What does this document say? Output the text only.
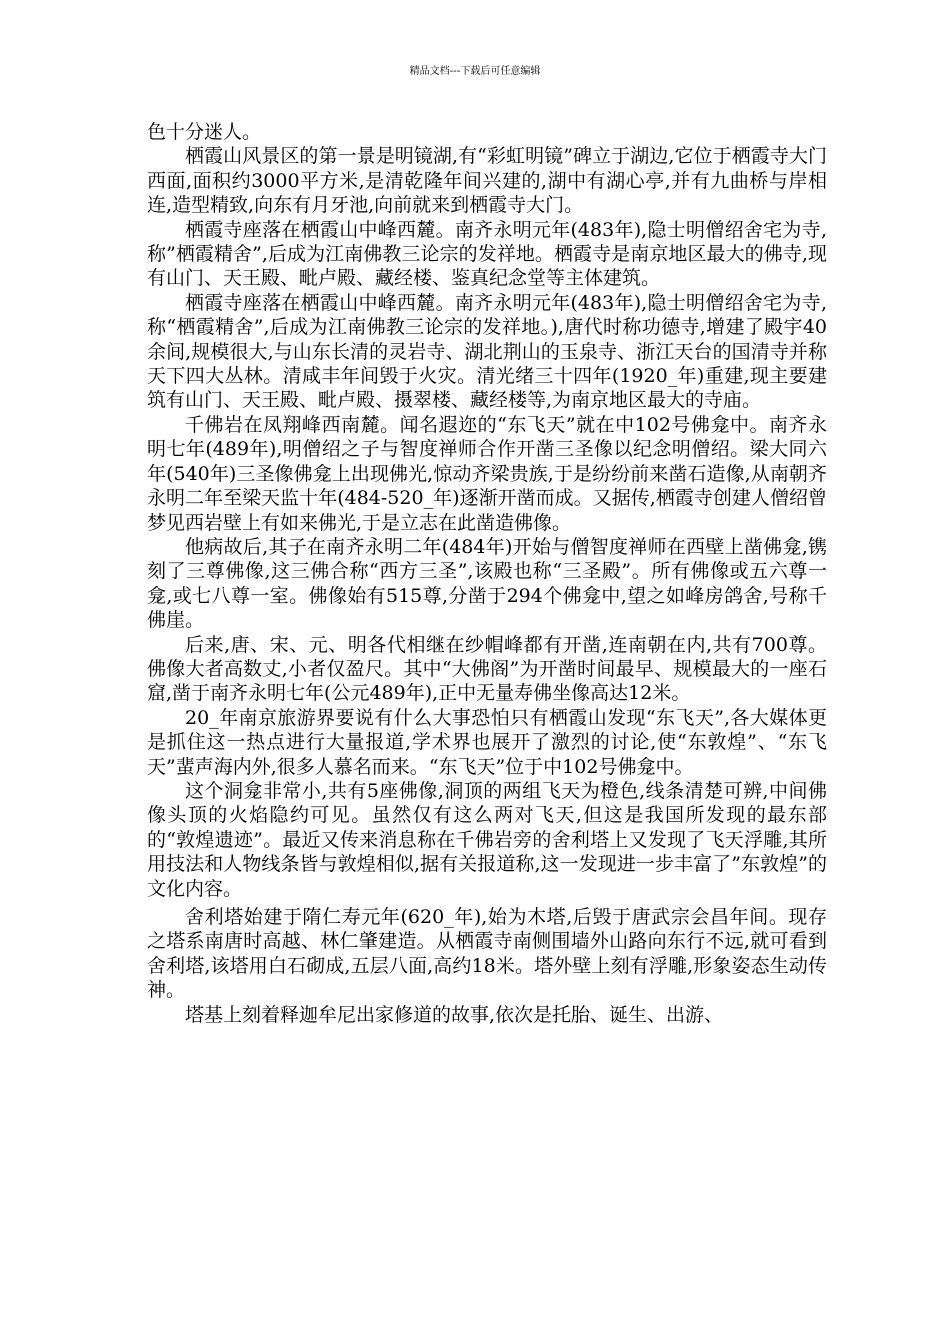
精品文档---下载后可任意编辑

色十分迷人。

栖霞山风景区的第一景是明镜湖,有“彩虹明镜”碑立于湖边,它位于栖霞寺大门西面,面积约3000平方米,是清乾隆年间兴建的,湖中有湖心亭,并有九曲桥与岸相连,造型精致,向东有月牙池,向前就来到栖霞寺大门。

栖霞寺座落在栖霞山中峰西麓。南齐永明元年(483年),隐士明僧绍舍宅为寺,称”栖霞精舍”,后成为江南佛教三论宗的发祥地。栖霞寺是南京地区最大的佛寺,现有山门、天王殿、毗卢殿、藏经楼、鉴真纪念堂等主体建筑。

栖霞寺座落在栖霞山中峰西麓。南齐永明元年(483年),隐士明僧绍舍宅为寺,称“栖霞精舍”,后成为江南佛教三论宗的发祥地。),唐代时称功德寺,增建了殿宇40余间,规模很大,与山东长清的灵岩寺、湖北荆山的玉泉寺、浙江天台的国清寺并称天下四大丛林。清咸丰年间毁于火灾。清光绪三十四年(1920_年)重建,现主要建筑有山门、天王殿、毗卢殿、摄翠楼、藏经楼等,为南京地区最大的寺庙。

千佛岩在凤翔峰西南麓。闻名遐迩的“东飞天”就在中102号佛龛中。南齐永明七年(489年),明僧绍之子与智度禅师合作开凿三圣像以纪念明僧绍。梁大同六年(540年)三圣像佛龛上出现佛光,惊动齐梁贵族,于是纷纷前来凿石造像,从南朝齐永明二年至梁天监十年(484-520_年)逐渐开凿而成。又据传,栖霞寺创建人僧绍曾梦见西岩壁上有如来佛光,于是立志在此凿造佛像。

他病故后,其子在南齐永明二年(484年)开始与僧智度禅师在西壁上凿佛龛,镌刻了三尊佛像,这三佛合称“西方三圣”,该殿也称“三圣殿”。所有佛像或五六尊一龛,或七八尊一室。佛像始有515尊,分凿于294个佛龛中,望之如峰房鸽舍,号称千佛崖。

后来,唐、宋、元、明各代相继在纱帽峰都有开凿,连南朝在内,共有700尊。佛像大者高数丈,小者仅盈尺。其中“大佛阁”为开凿时间最早、规模最大的一座石窟,凿于南齐永明七年(公元489年),正中无量寿佛坐像高达12米。

20_年南京旅游界要说有什么大事恐怕只有栖霞山发现“东飞天”,各大媒体更是抓住这一热点进行大量报道,学术界也展开了激烈的讨论,使“东敦煌”、“东飞天”蜚声海内外,很多人慕名而来。“东飞天”位于中102号佛龛中。

这个洞龛非常小,共有5座佛像,洞顶的两组飞天为橙色,线条清楚可辨,中间佛像头顶的火焰隐约可见。虽然仅有这么两对飞天,但这是我国所发现的最东部的“敦煌遗迹”。最近又传来消息称在千佛岩旁的舍利塔上又发现了飞天浮雕,其所用技法和人物线条皆与敦煌相似,据有关报道称,这一发现进一步丰富了”东敦煌”的文化内容。

舍利塔始建于隋仁寿元年(620_年),始为木塔,后毁于唐武宗会昌年间。现存之塔系南唐时高越、林仁肇建造。从栖霞寺南侧围墙外山路向东行不远,就可看到舍利塔,该塔用白石砌成,五层八面,高约18米。塔外壁上刻有浮雕,形象姿态生动传神。

塔基上刻着释迦牟尼出家修道的故事,依次是托胎、诞生、出游、
